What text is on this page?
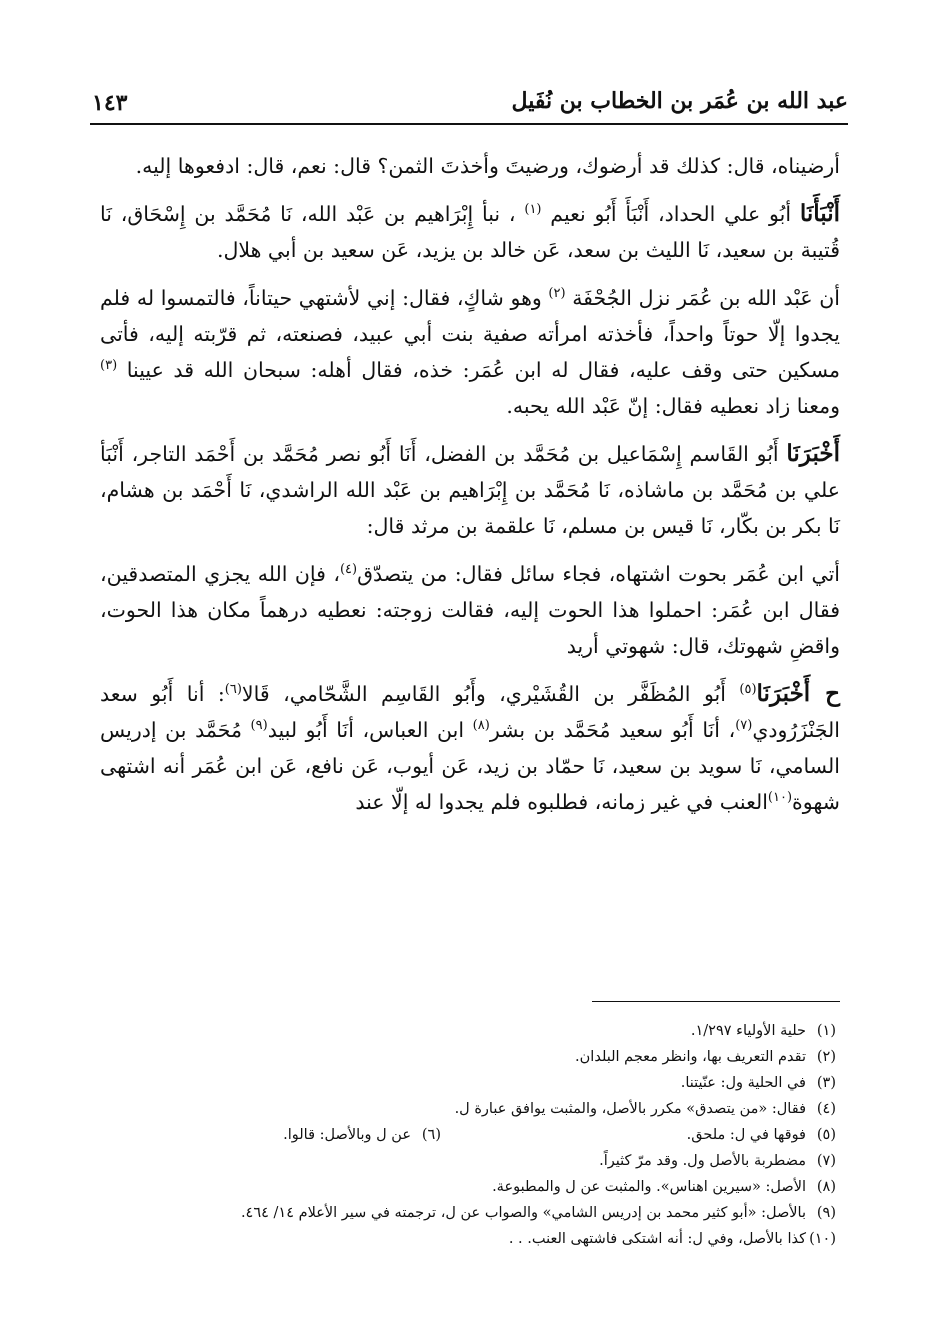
عبد الله بن عُمَر بن الخطاب بن نُفَيل
١٤٣

أرضيناه، قال: كذلك قد أرضوك، ورضيتَ وأخذتَ الثمن؟ قال: نعم، قال: ادفعوها إليه.

أَنْبَأَنَا أبُو علي الحداد، أَنْبَأَ أَبُو نعيم $^{(١)}$ ، نبأ إِبْرَاهيم بن عَبْد الله، نَا مُحَمَّد بن إِسْحَاق، نَا قُتيبة بن سعيد، نَا الليث بن سعد، عَن خالد بن يزيد، عَن سعيد بن أبي هلال.

أن عَبْد الله بن عُمَر نزل الجُحْفَة $^{(٢)}$ وهو شاكٍ، فقال: إني لأشتهي حيتاناً، فالتمسوا له فلم يجدوا إلّا حوتاً واحداً، فأخذته امرأته صفية بنت أبي عبيد، فصنعته، ثم قرّبته إليه، فأتى مسكين حتى وقف عليه، فقال له ابن عُمَر: خذه، فقال أهله: سبحان الله قد عيينا $^{(٣)}$ ومعنا زاد نعطيه فقال: إنّ عَبْد الله يحبه.

أَخْبَرَنَا أَبُو القَاسم إِسْمَاعيل بن مُحَمَّد بن الفضل، أَنَا أَبُو نصر مُحَمَّد بن أَحْمَد التاجر، أَنْبَأ علي بن مُحَمَّد بن ماشاذه، نَا مُحَمَّد بن إِبْرَاهيم بن عَبْد الله الراشدي، نَا أَحْمَد بن هشام، نَا بكر بن بكّار، نَا قيس بن مسلم، نَا علقمة بن مرثد قال:

أتي ابن عُمَر بحوت اشتهاه، فجاء سائل فقال: من يتصدّق$^{(٤)}$، فإن الله يجزي المتصدقين، فقال ابن عُمَر: احملوا هذا الحوت إليه، فقالت زوجته: نعطيه درهماً مكان هذا الحوت، واقضِ شهوتك، قال: شهوتي أريد

ح أَخْبَرَنَا$^{(٥)}$ أَبُو المُظَفَّر بن القُشَيْري، وأَبُو القَاسِم الشَّحّامي، قَالا$^{(٦)}$: أنا أَبُو سعد الجَنْزَرُودي$^{(٧)}$، أنَا أَبُو سعيد مُحَمَّد بن بشر$^{(٨)}$ ابن العباس، أنَا أَبُو لبيد$^{(٩)}$ مُحَمَّد بن إدريس السامي، نَا سويد بن سعيد، نَا حمّاد بن زيد، عَن أيوب، عَن نافع، عَن ابن عُمَر أنه اشتهى شهوة$^{(١٠)}$العنب في غير زمانه، فطلبوه فلم يجدوا له إلّا عند

(١)حلية الأولياء ١/٢٩٧.
(٢)تقدم التعريف بها، وانظر معجم البلدان.
(٣)في الحلية ول: عنّيتنا.
(٤)فقال: «من يتصدق» مكرر بالأصل، والمثبت يوافق عبارة ل.
(٥)فوقها في ل: ملحق.
(٦)عن ل وبالأصل: قالوا.
(٧)مضطربة بالأصل ول. وقد مرّ كثيراً.
(٨)الأصل: «سيرين اهناس». والمثبت عن ل والمطبوعة.
(٩)بالأصل: «أبو كثير محمد بن إدريس الشامي» والصواب عن ل، ترجمته في سير الأعلام ١٤/ ٤٦٤.
(١٠)كذا بالأصل، وفي ل: أنه اشتكى فاشتهى العنب. . .
